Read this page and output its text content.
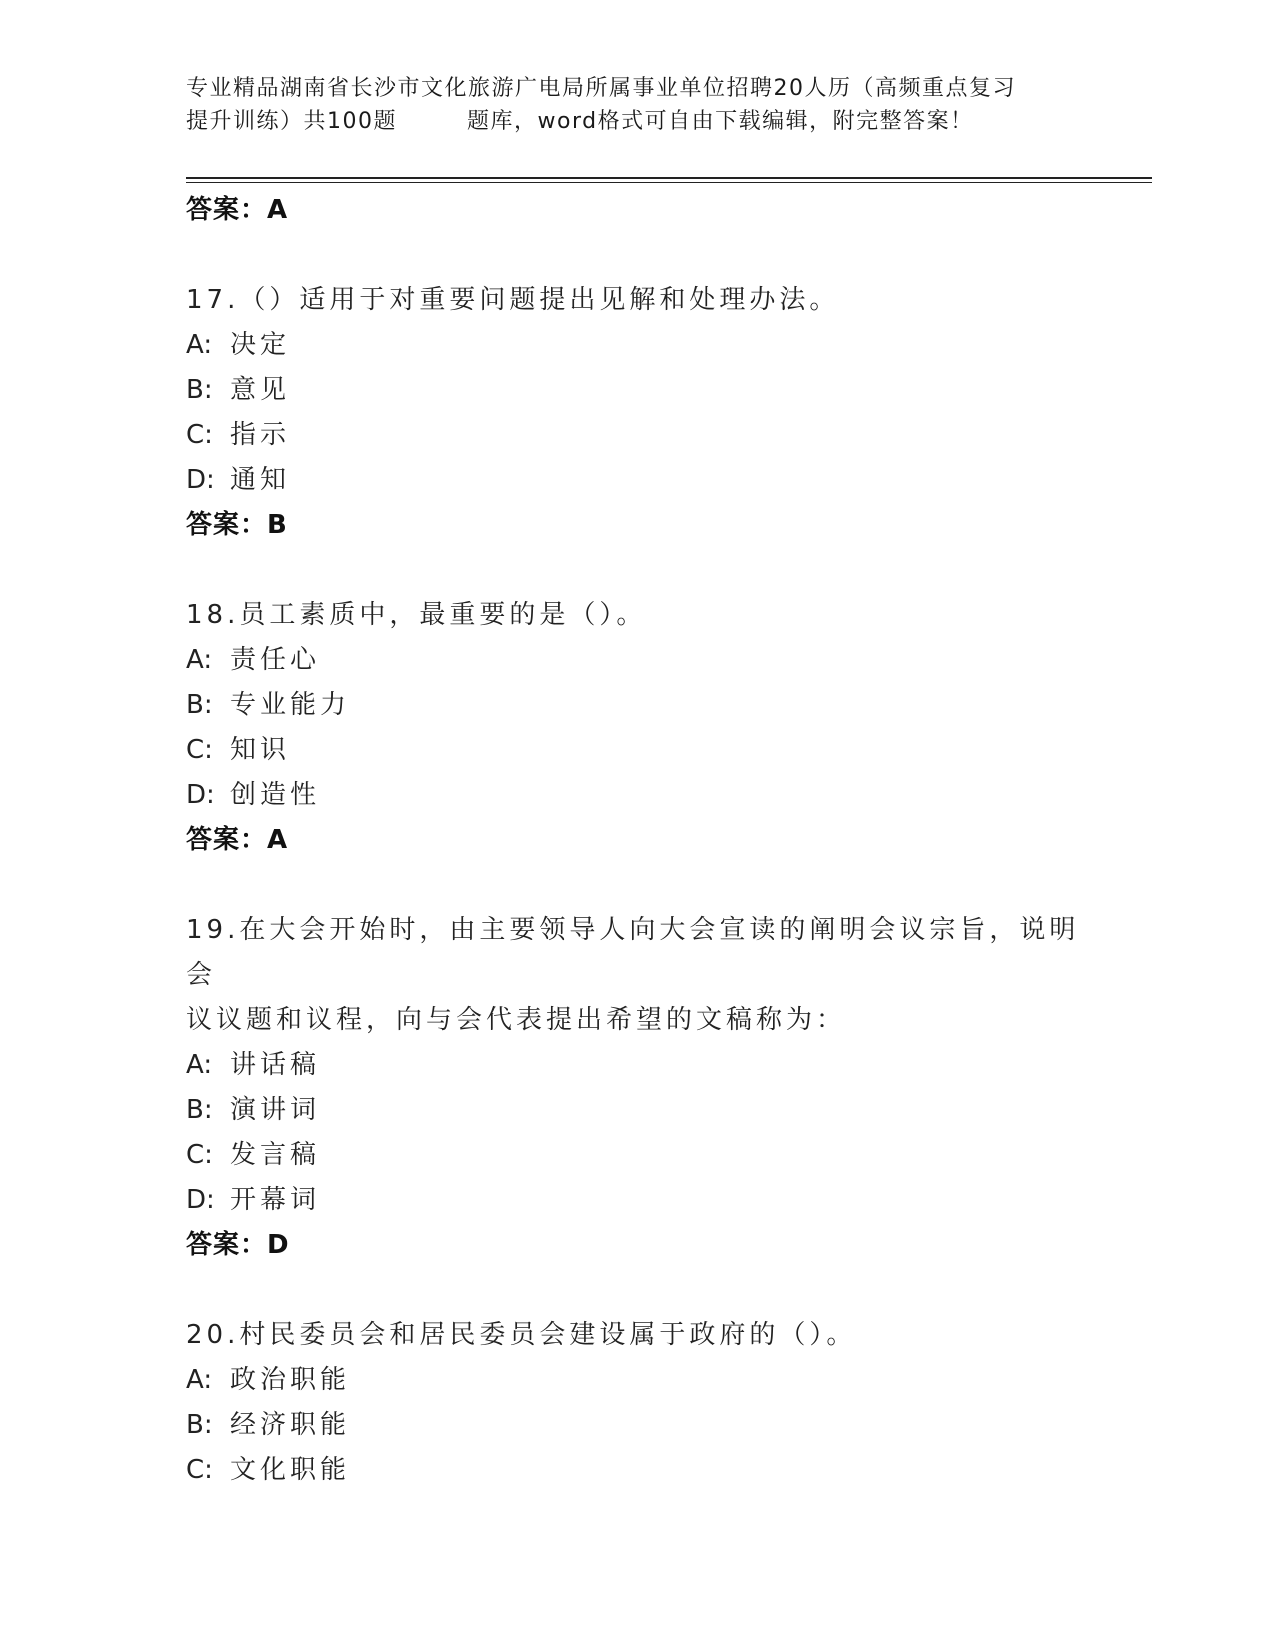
专业精品湖南省长沙市文化旅游广电局所属事业单位招聘20人历（高频重点复习
提升训练）共100题	题库，word格式可自由下载编辑，附完整答案！
答案：A
17.（）适用于对重要问题提出见解和处理办法。
A: 决定
B: 意见
C: 指示
D: 通知
答案：B
18.员工素质中，最重要的是（）。
A: 责任心
B: 专业能力
C: 知识
D: 创造性
答案：A
19.在大会开始时，由主要领导人向大会宣读的阐明会议宗旨，说明会
议议题和议程，向与会代表提出希望的文稿称为：
A: 讲话稿
B: 演讲词
C: 发言稿
D: 开幕词
答案：D
20.村民委员会和居民委员会建设属于政府的（）。
A: 政治职能
B: 经济职能
C: 文化职能
